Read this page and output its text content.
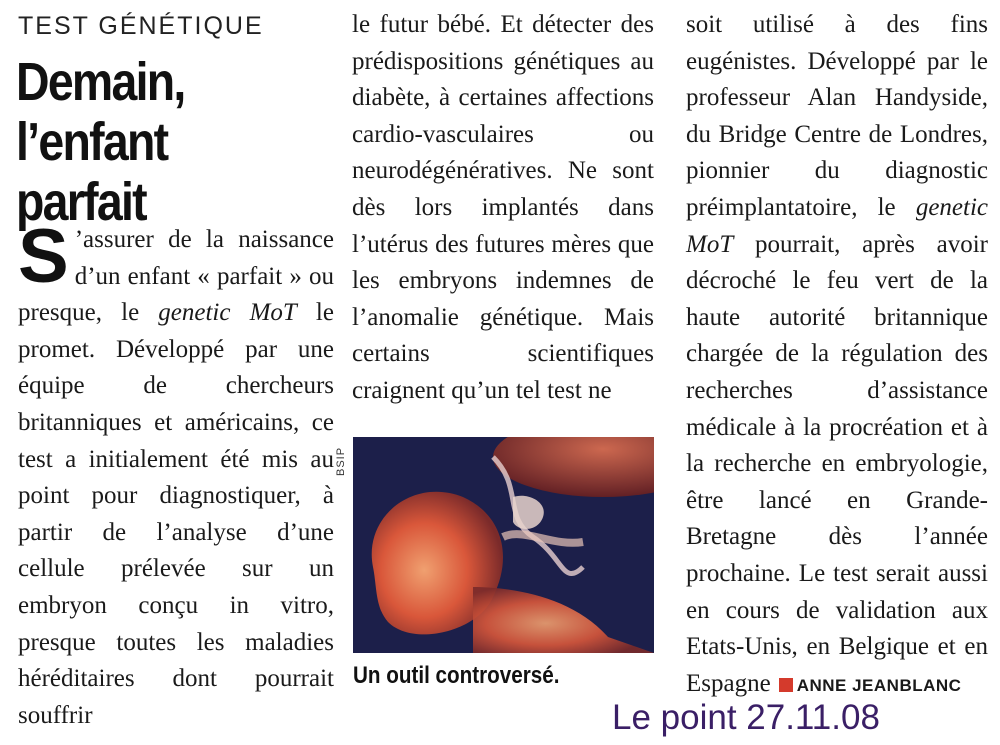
TEST GÉNÉTIQUE
Demain,
l’enfant parfait

S ’assurer de la naissance d’un enfant « parfait » ou presque, le genetic MoT le promet. Développé par une équipe de chercheurs britanniques et américains, ce test a initialement été mis au point pour diagnostiquer, à partir de l’analyse d’une cellule prélevée sur un embryon conçu in vitro, presque toutes les maladies héréditaires dont pourrait souffrir

le futur bébé. Et détecter des prédispositions génétiques au diabète, à certaines affections cardio-vasculaires ou neurodégénératives. Ne sont dès lors implantés dans l’utérus des futures mères que les embryons indemnes de l’anomalie génétique. Mais certains scientifiques craignent qu’un tel test ne

BSIP
Un outil controversé.

soit utilisé à des fins eugénistes. Développé par le professeur Alan Handyside, du Bridge Centre de Londres, pionnier du diagnostic préimplantatoire, le genetic MoT pourrait, après avoir décroché le feu vert de la haute autorité britannique chargée de la régulation des recherches d’assistance médicale à la procréation et à la recherche en embryologie, être lancé en Grande-Bretagne dès l’année prochaine. Le test serait aussi en cours de validation aux Etats-Unis, en Belgique et en Espagne ANNE JEANBLANC

Le point 27.11.08
